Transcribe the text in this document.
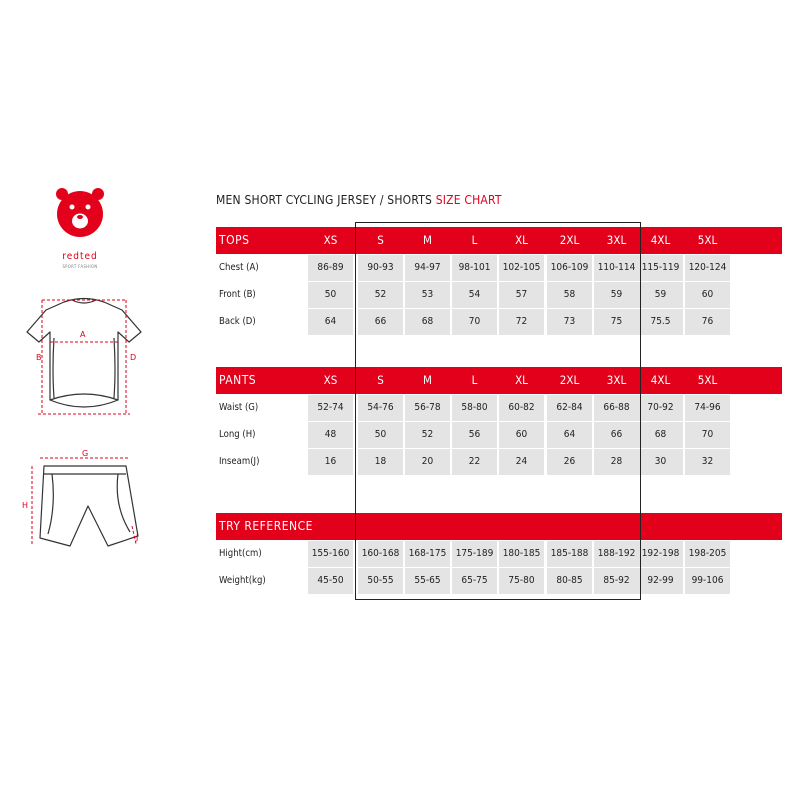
redted
SPORT FASHION
A
B	D
G
H
J
MEN SHORT CYCLING JERSEY / SHORTS SIZE CHART
TOPS	XS	S	M	L	XL	2XL	3XL	4XL	5XL
Chest (A)	86-89	90-93	94-97	98-101	102-105	106-109 110-114 115-119 120-124
Front (B)	50	52	53	54	57	58	59	59	60
Back (D)	64	66	68	70	72	73	75	75.5	76
PANTS	XS	S	M	L	XL	2XL	3XL	4XL	5XL
Waist (G)	52-74	54-76	56-78	58-80	60-82	62-84	66-88	70-92	74-96
Long (H)	48	50	52	56	60	64	66	68	70
Inseam(J)	16	18	20	22	24	26	28	30	32
TRY REFERENCE
Hight(cm)	155-160	160-168 168-175 175-189 180-185	185-188 188-192 192-198 198-205
Weight(kg)	45-50	50-55	55-65	65-75	75-80	80-85	85-92	92-99	99-106
